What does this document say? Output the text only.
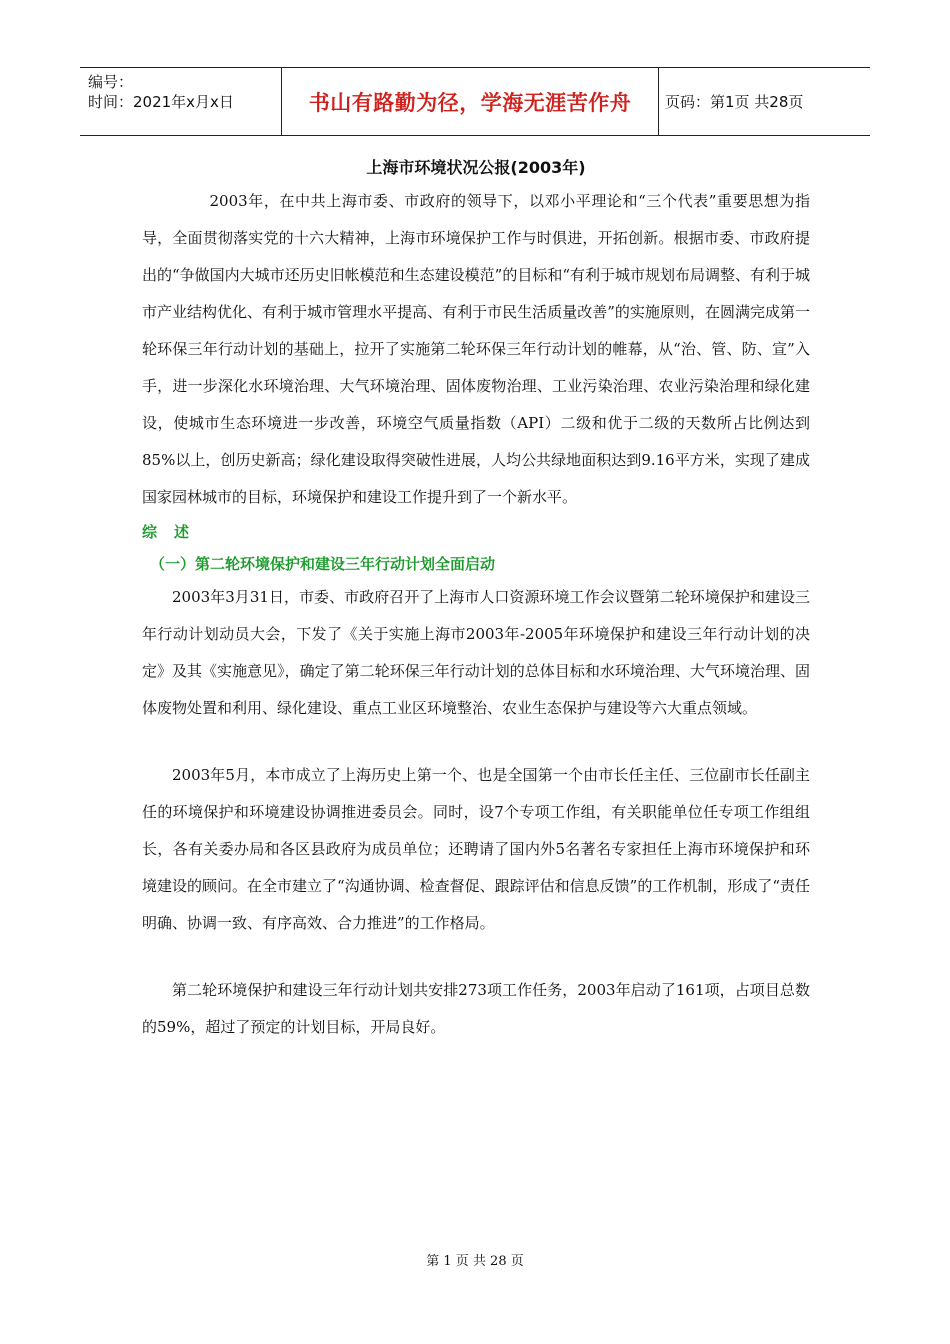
编号：
时间：2021年x月x日	书山有路勤为径，学海无涯苦作舟	页码：第1页 共28页
上海市环境状况公报(2003年)

2003年，在中共上海市委、市政府的领导下，以邓小平理论和“三个代表”重要思想为指导，全面贯彻落实党的十六大精神，上海市环境保护工作与时俱进，开拓创新。根据市委、市政府提出的“争做国内大城市还历史旧帐模范和生态建设模范”的目标和“有利于城市规划布局调整、有利于城市产业结构优化、有利于城市管理水平提高、有利于市民生活质量改善”的实施原则，在圆满完成第一轮环保三年行动计划的基础上，拉开了实施第二轮环保三年行动计划的帷幕，从“治、管、防、宣”入手，进一步深化水环境治理、大气环境治理、固体废物治理、工业污染治理、农业污染治理和绿化建设，使城市生态环境进一步改善，环境空气质量指数（API）二级和优于二级的天数所占比例达到85%以上，创历史新高；绿化建设取得突破性进展，人均公共绿地面积达到9.16平方米，实现了建成国家园林城市的目标，环境保护和建设工作提升到了一个新水平。

综　述
（一）第二轮环境保护和建设三年行动计划全面启动

2003年3月31日，市委、市政府召开了上海市人口资源环境工作会议暨第二轮环境保护和建设三年行动计划动员大会，下发了《关于实施上海市2003年-2005年环境保护和建设三年行动计划的决定》及其《实施意见》，确定了第二轮环保三年行动计划的总体目标和水环境治理、大气环境治理、固体废物处置和利用、绿化建设、重点工业区环境整治、农业生态保护与建设等六大重点领域。

2003年5月，本市成立了上海历史上第一个、也是全国第一个由市长任主任、三位副市长任副主任的环境保护和环境建设协调推进委员会。同时，设7个专项工作组，有关职能单位任专项工作组组长，各有关委办局和各区县政府为成员单位；还聘请了国内外5名著名专家担任上海市环境保护和环境建设的顾问。在全市建立了“沟通协调、检查督促、跟踪评估和信息反馈”的工作机制，形成了“责任明确、协调一致、有序高效、合力推进”的工作格局。

第二轮环境保护和建设三年行动计划共安排273项工作任务，2003年启动了161项，占项目总数的59%，超过了预定的计划目标，开局良好。

第 1 页 共 28 页
